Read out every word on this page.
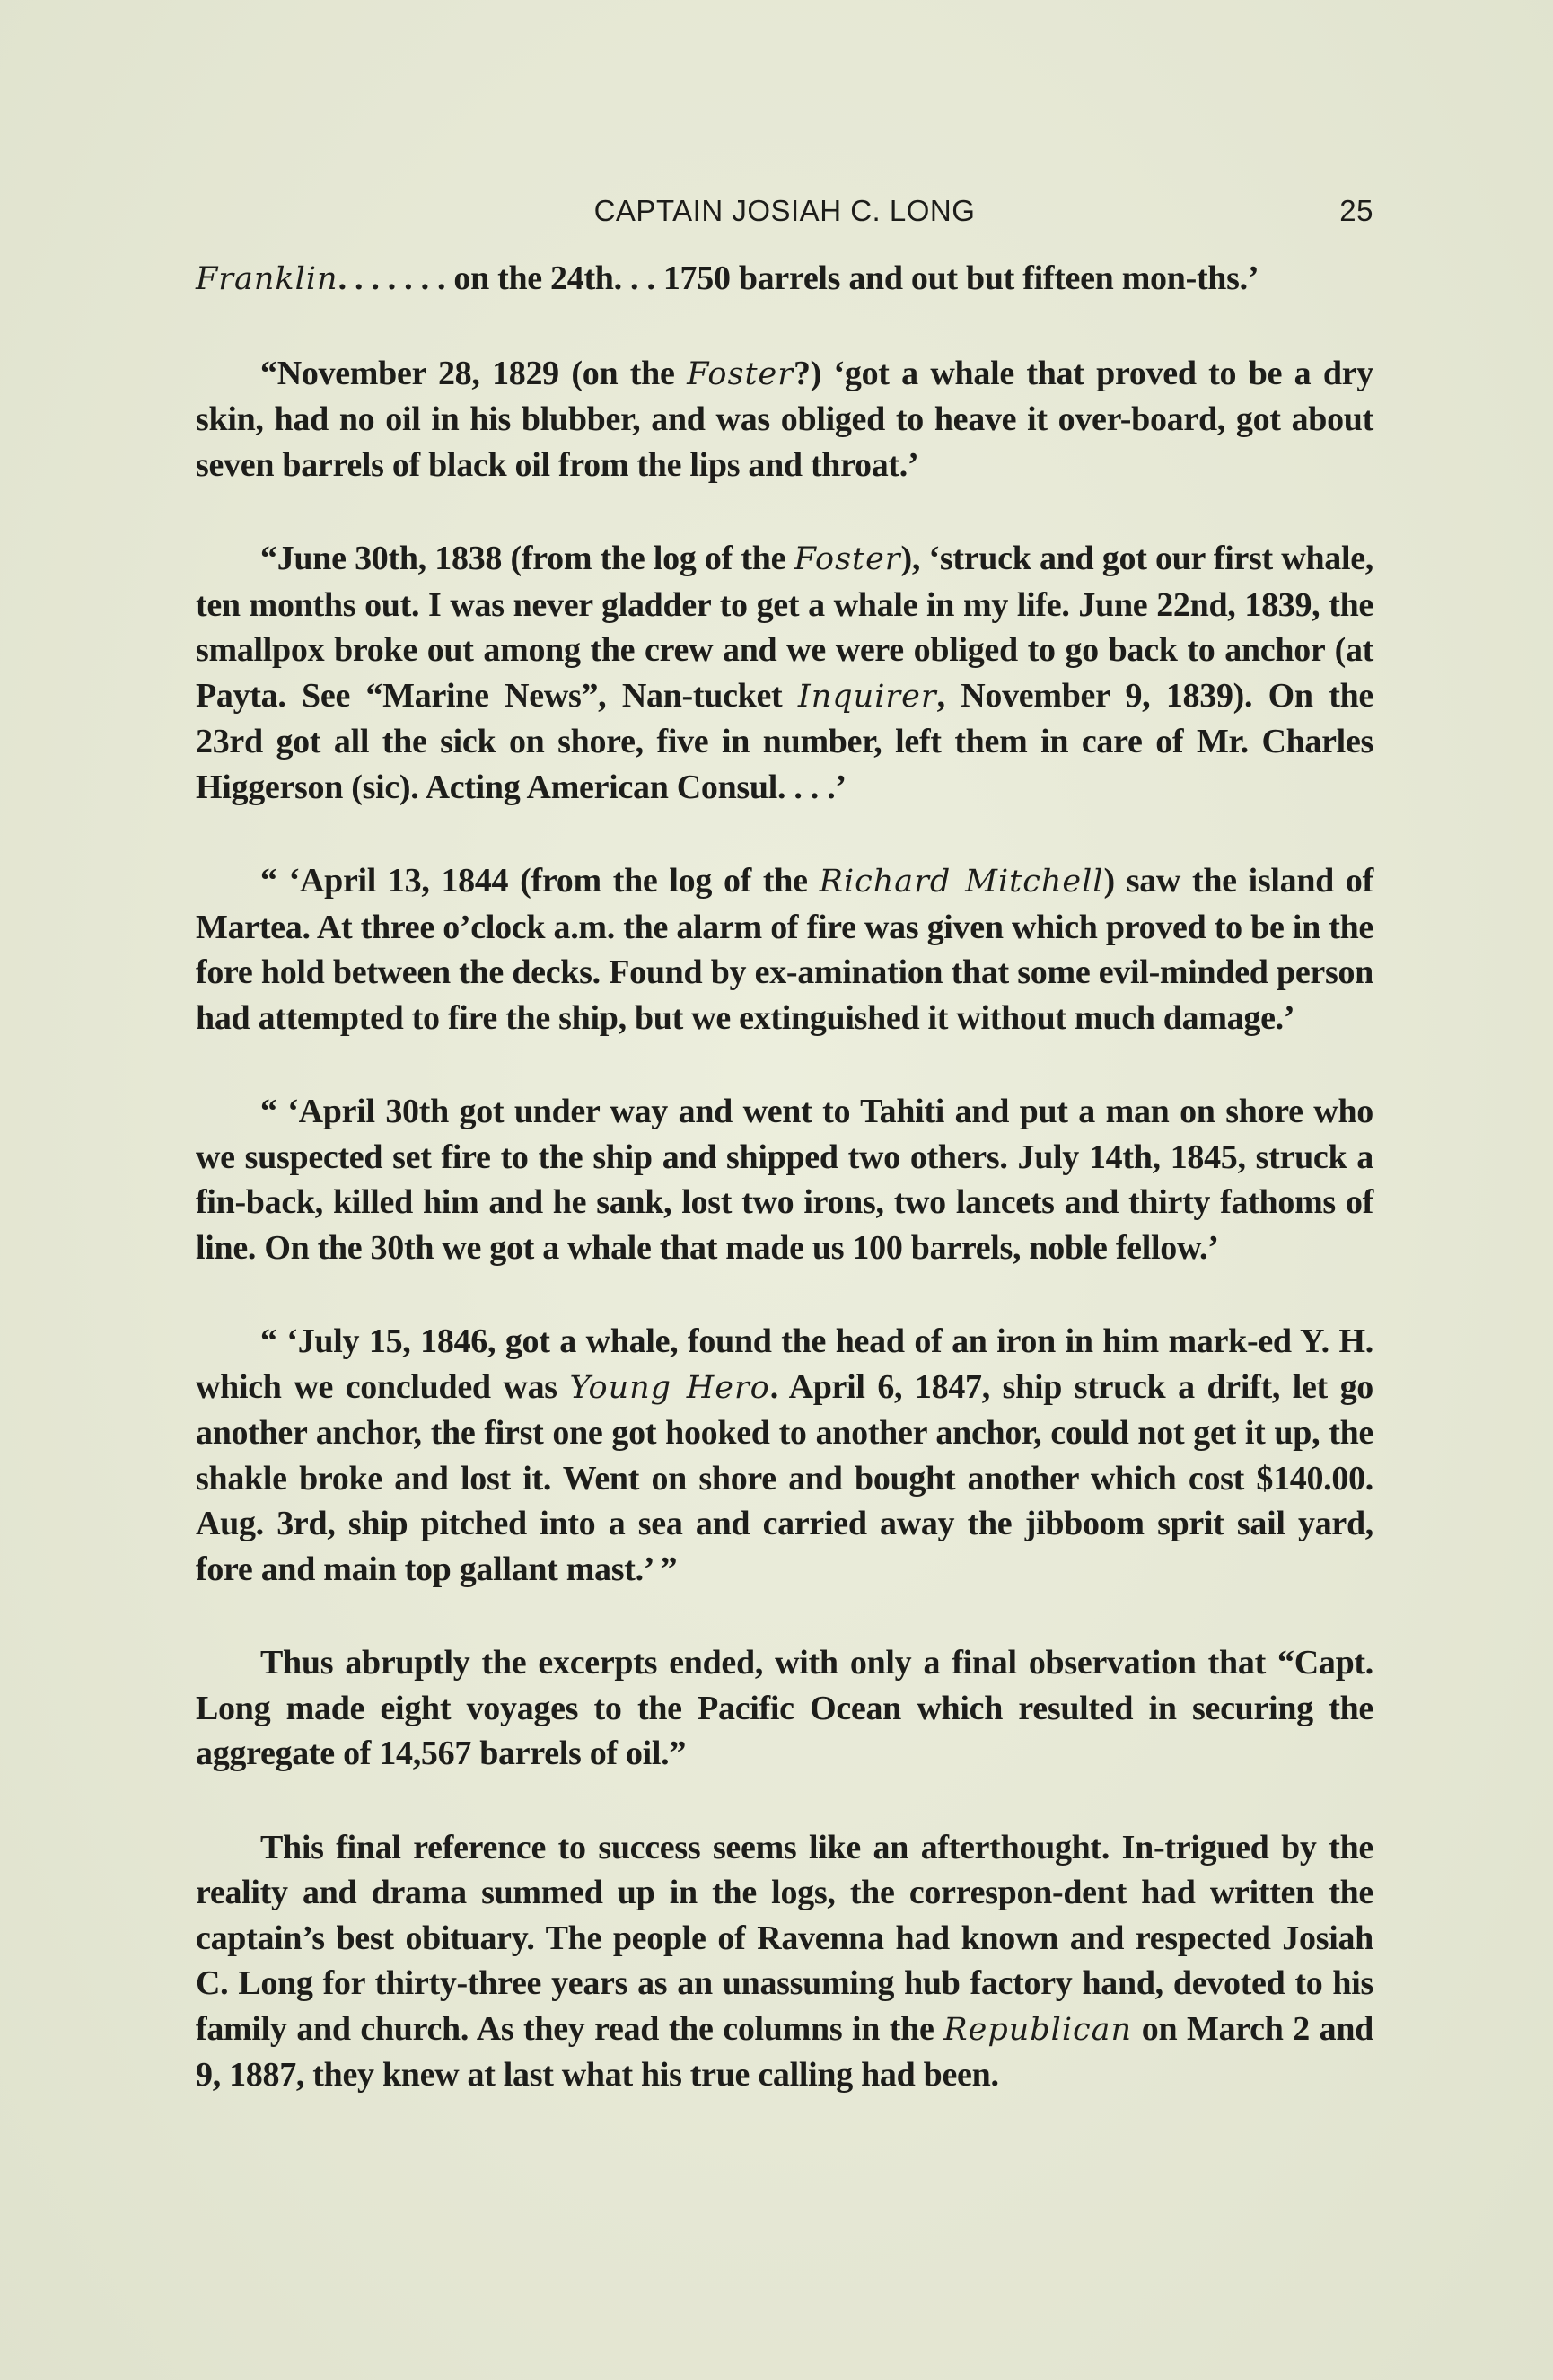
CAPTAIN JOSIAH C. LONG	25

Franklin. . . . . . . on the 24th. . . 1750 barrels and out but fifteen mon-ths.’

“November 28, 1829 (on the Foster?) ‘got a whale that proved to be a dry skin, had no oil in his blubber, and was obliged to heave it over-board, got about seven barrels of black oil from the lips and throat.’

“June 30th, 1838 (from the log of the Foster), ‘struck and got our first whale, ten months out. I was never gladder to get a whale in my life. June 22nd, 1839, the smallpox broke out among the crew and we were obliged to go back to anchor (at Payta. See “Marine News”, Nan-tucket Inquirer, November 9, 1839). On the 23rd got all the sick on shore, five in number, left them in care of Mr. Charles Higgerson (sic). Acting American Consul. . . .’

“ ‘April 13, 1844 (from the log of the Richard Mitchell) saw the island of Martea. At three o’clock a.m. the alarm of fire was given which proved to be in the fore hold between the decks. Found by ex-amination that some evil-minded person had attempted to fire the ship, but we extinguished it without much damage.’

“ ‘April 30th got under way and went to Tahiti and put a man on shore who we suspected set fire to the ship and shipped two others. July 14th, 1845, struck a fin-back, killed him and he sank, lost two irons, two lancets and thirty fathoms of line. On the 30th we got a whale that made us 100 barrels, noble fellow.’

“ ‘July 15, 1846, got a whale, found the head of an iron in him mark-ed Y. H. which we concluded was Young Hero. April 6, 1847, ship struck a drift, let go another anchor, the first one got hooked to another anchor, could not get it up, the shakle broke and lost it. Went on shore and bought another which cost $140.00. Aug. 3rd, ship pitched into a sea and carried away the jibboom sprit sail yard, fore and main top gallant mast.’ ”

Thus abruptly the excerpts ended, with only a final observation that “Capt. Long made eight voyages to the Pacific Ocean which resulted in securing the aggregate of 14,567 barrels of oil.”

This final reference to success seems like an afterthought. In-trigued by the reality and drama summed up in the logs, the correspon-dent had written the captain’s best obituary. The people of Ravenna had known and respected Josiah C. Long for thirty-three years as an unassuming hub factory hand, devoted to his family and church. As they read the columns in the Republican on March 2 and 9, 1887, they knew at last what his true calling had been.
